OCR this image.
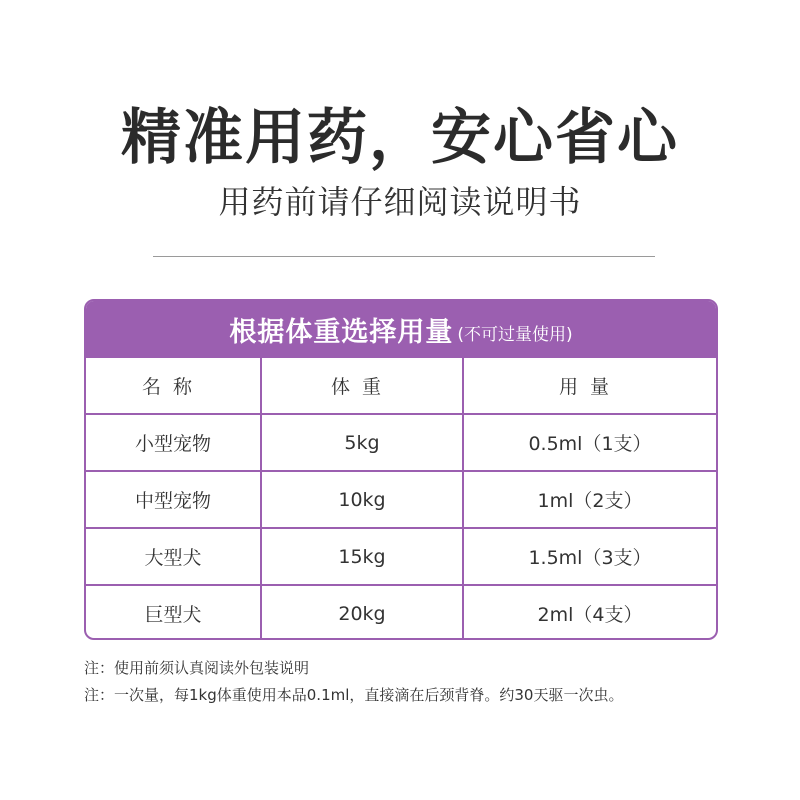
精准用药，安心省心
用药前请仔细阅读说明书
根据体重选择用量 (不可过量使用)
名称	体重	用量
小型宠物	5kg	0.5ml（1支）
中型宠物	10kg	1ml（2支）
大型犬	15kg	1.5ml（3支）
巨型犬	20kg	2ml（4支）
注：使用前须认真阅读外包装说明
注：一次量，每1kg体重使用本品0.1ml，直接滴在后颈背脊。约30天驱一次虫。
